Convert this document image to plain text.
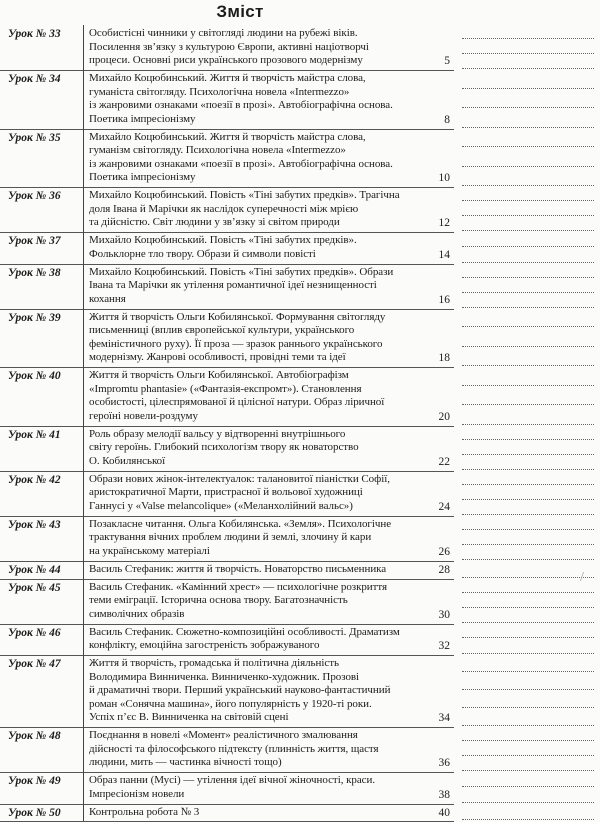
Зміст
Урок № 33	Особистісні чинники у світогляді людини на рубежі віків.
Посилення зв’язку з культурою Європи, активні націотворчі
процеси. Основні риси українського прозового модернізму	5
Урок № 34	Михайло Коцюбинський. Життя й творчість майстра слова,
гуманіста світогляду. Психологічна новела «Intermezzo»
із жанровими ознаками «поезії в прозі». Автобіографічна основа.
Поетика імпресіонізму	8
Урок № 35	Михайло Коцюбинський. Життя й творчість майстра слова,
гуманізм світогляду. Психологічна новела «Intermezzo»
із жанровими ознаками «поезії в прозі». Автобіографічна основа.
Поетика імпресіонізму	10
Урок № 36	Михайло Коцюбинський. Повість «Тіні забутих предків». Трагічна
доля Івана й Марічки як наслідок суперечності між мрією
та дійсністю. Світ людини у зв’язку зі світом природи	12
Урок № 37	Михайло Коцюбинський. Повість «Тіні забутих предків».
Фольклорне тло твору. Образи й символи повісті	14
Урок № 38	Михайло Коцюбинський. Повість «Тіні забутих предків». Образи
Івана та Марічки як утілення романтичної ідеї незнищенності
кохання	16
Урок № 39	Життя й творчість Ольги Кобилянської. Формування світогляду
письменниці (вплив європейської культури, українського
феміністичного руху). Її проза — зразок раннього українського
модернізму. Жанрові особливості, провідні теми та ідеї	18
Урок № 40	Життя й творчість Ольги Кобилянської. Автобіографізм
«Impromtu phantasie» («Фантазія-експромт»). Становлення
особистості, цілеспрямованої й цілісної натури. Образ ліричної
героїні новели-роздуму	20
Урок № 41	Роль образу мелодії вальсу у відтворенні внутрішнього
світу героїнь. Глибокий психологізм твору як новаторство
О. Кобилянської	22
Урок № 42	Образи нових жінок-інтелектуалок: талановитої піаністки Софії,
аристократичної Марти, пристрасної й вольової художниці
Ганнусі у «Valse melancolique» («Меланхолійний вальс»)	24
Урок № 43	Позакласне читання. Ольга Кобилянська. «Земля». Психологічне
трактування вічних проблем людини й землі, злочину й кари
на українському матеріалі	26
Урок № 44	Василь Стефаник: життя й творчість. Новаторство письменника	28
Урок № 45	Василь Стефаник. «Камінний хрест» — психологічне розкриття
теми еміграції. Історична основа твору. Багатозначність
символічних образів	30
Урок № 46	Василь Стефаник. Сюжетно-композиційні особливості. Драматизм
конфлікту, емоційна загостреність зображуваного	32
Урок № 47	Життя й творчість, громадська й політична діяльність
Володимира Винниченка. Винниченко-художник. Прозові
й драматичні твори. Перший український науково-фантастичний
роман «Сонячна машина», його популярність у 1920-ті роки.
Успіх п’єс В. Винниченка на світовій сцені	34
Урок № 48	Поєднання в новелі «Момент» реалістичного змалювання
дійсності та філософського підтексту (плинність життя, щастя
людини, мить — частинка вічності тощо)	36
Урок № 49	Образ панни (Мусі) — утілення ідеї вічної жіночності, краси.
Імпресіонізм новели	38
Урок № 50	Контрольна робота № 3	40
/
